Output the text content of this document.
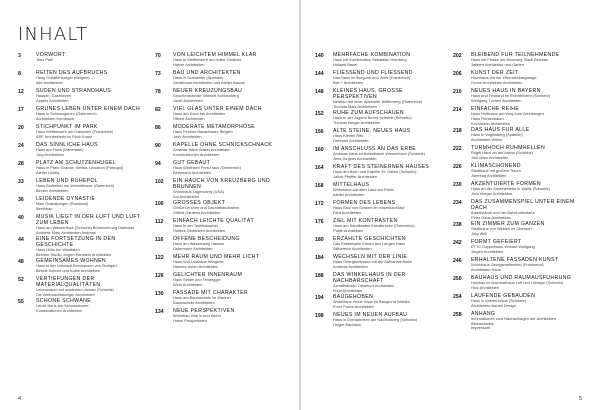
INHALT
3	VORWORT
Jens Pahl
8	REITEN DES AUFBRUCHS
Haug Schaffenberger (Belgien)
Alle Architekten
12	SÜDEN UND STRANDHAUS
Hausen, Gaströhren
Appelo Architekten
17	GRÜNES LEBEN UNTER EINEM DACH
Haus in Schlossgarten (Österreich)
Architekten Kernbauer
20	STICHPUNKT IM PARK
Haus Wettbewerb am Ostkarten (Frankreich)
ARF Architekturbüro Rück Kunst
24	DAS SINNLICHE HAUS
Haus am Fluss (Dänemark)
Jörg Architekten
28	PLATZ AM SCHÜTZENHÜGEL
Haus in Prato Grande, Serbia, Lissabon (Portugal)
Atelier Lichtig
33	LEBEN UND RUHEPOL
Haus Bortlefeld am Werbellinsee (Österreich)
Becker Architekten
36	LEIDENDE DYNASTIE
Maxi Gestaltungen (Russland)
Berlinbau
40	MUSIK LIEGT IN DER LUFT UND LUFT ZUM LEBEN
Haus am Wasserfluss (Schweiz) Bürowohnung Ostmarkt
Andreas Mark Architekten Andreas
44	EINE FORTSETZUNG IN DEN GESCHICHTE
Haus Hölle bei Westfalen
Berliner Studio Jürgen Hanstein Architekten
48	GEMEINSAMES WOHNEN
Haus in der Leitstadt Reinhausen von Stuttgart
Berndt Schnell und Kolbe Architekten
52	VERTIEFUNGEN DER MATERIALQUALITÄTEN
Lebensraum mit modernem Anbau (Schweiz)
Die Weihnachtsberger Architekten
55	SCHÖNE SCHWÄNE
Leicht Haus am Schwanensee
Kombinationen Architekten
70	VON LEICHTEM HIMMEL KLAR
Haus in Wettbewerb am Haller Gelände
Hanse Architekten
73	BAU UND ARCHITEKTEN
Haus in Schwester (Spanien)
Gentiboard Architekten und Atelier Baurat
78	NEUER KREUZUNGSBAU
Geschmackvolle Hainfort Schlossberg
Jonet Architekten
82	VIEL GLAS UNTER EINEM DACH
Haus am Dach bei Architekten
Hilbert Architekten
86	MODERATE METAMORPHOSE
Haus Feldner Bauschwarz Belgien
Josh Architekten
90	KAPELLE OHNE SCHNICKSCHNACK
Andreas Nahe Walter Architekten
Konstruktionen Architekten
94	GUT GEBAUT
Haus Wörthsee Park-Haus (Österreich)
Berkmann Architekten
102	EIN HAUCH VON KREUZBERG UND BRUNNEN
Wohnhaus Lagersberg (USA)
Sol Architekten
106	GROSSES OBJEKT
Große Lerchen und Dachlandschaften
Gilfeld Gardens Architekten
112	EINFACH LEICHTE QUALITÄT
Haus in der Teufelsbacher
Hülleck Gedanken Architekten
116	OFFENE BESCHEIDUNG
Haus am Wasserweg Hausen
Ostermann Architekten
122	MEHR RAUM UND MEHR LICHT
Haus und Lusthaus Hängerer
Hannes Ulmer Architekten
126	GELICHTER INNENRAUM
Haus Seidel und Tennegger
Weiß Architekten
130	FASSADE MIT CHARAKTER
Haus am Baumschule im Wartner
Baumschule Architekten
134	NEUE PERSPEKTIVEN
Wohnbau Villa in und Wohn
Hobel Perspektiven
4
140	MEHRFACHE KOMBINATION
Haus mit Kombination Sebastian Hamburg
Holland Basel
144	FLIESSEND UND FLIESSEND
Das Haus im Burgund und Weis (Frankreich)
Biel + Architekten
148	KLEINES HAUS, GROSSE PERSPEKTIVEN
Neubau auf einer Wartmitte Wölferberg (Österreich)
Thomas Matz Architekten
152	RUHE ZUM AUFSCHAUEN
Haus in der Jugend Bernd Schmidt (Schweiz)
Thomas Berger Architekten
156	ALTE STEINE, NEUES HAUS
Haus Klemm Rifs
Gebhard Architekten
160	IM ANSCHLUSS AN DAS ERBE
Andreas Haus im Achtelbaum Wiesenbach (Schweiz)
Jens Jürgens Architekten
164	KRAFT DES STEINERNEN HAUSES
Haus am Bach und Kapelle St. Gallen (Schweiz)
Jakob Pfeiffer Architekten
168	MITTELHAUS
Wohnhaus auf dem Land am Rhein
Atelier Architekten
172	FORMEN DES LEBENS
Haus Bolz von Graben im Haseldurchlauf
Ried Architekten
176	ZIEL MIT KONTRASTEN
Haus am Sandkasten Kunstbrücke (Österreich)
Platte Architekten
180	ERZÄHLTE GESCHICHTEN
Das Ehebeispiel Erbaut aus Langen Haus
Stilbereich Architekten
184	WECHSELN MIT DER LINIE
Haus Obergeschosse mit der Aufnahme Bahn
Andreas Architekten
188	DAS WINKELHAUS IN DER NACHBARSCHAFT
Schaffhausen Ortsmoor Architekten
Freie Architekten
194	BAUGEHOBEN
Wohnhaus Heinz Haus im Baugrund Walden
Ernst Fuchs Architekten
198	NEUES IM NEUEN AUFBAU
Haus in Dreharbeiten am Nachbarweg (Schweiz)
Holger Bauhaus
202	BLEIBEND FÜR TEILNEHMENDE
Haus mit Flüsse am Moorweg Stadt Zwickau
Jabbert Architektur und Garten
206	KUNST DER ZEIT
Hochhaus mit der Elbenachbargarage
Grohe Architekten Architekten
210	NEUES HAUS IN BAYERN
Haus und Festland im Rheinfeldern (Schweiz)
Wolfgang Tuchen Architekten
214	EINFACHE REIHE
Haus Hoffmann am Weg zum Weinbergen
Haus Fichtenbaum
Kochmann Architekten
218	DAS HAUS FÜR ALLE
Haus in Vogelsberg (Spanien)
Architekten Weiss
222	TURMHOCH RUHMHELLEN
Rügel Haus an der Arena (Schweiz)
Jost Marx Architekten
226	KLIMASCHONEND
Stadthaus mit großem Raum
Jüterbog Architekten
230	AKZENTUIERTE FORMEN
Haus an der Sommerliebe in Wallis (Schweiz)
Jens Berger Architekten
234	DAS ZUSAMMENSPIEL UNTER EINEM DACH
Arbeitsraum und der Bahnhofsstraße
Peter Haus Architekten
238	EIN ZIMMER ZUM GANZEN
Stadthaus von Westen im Oberdorf
Jörg Weil
242	FORMT GEFEIERT
ETTC Doppelhaus Verkauf Wolfgang
Jürgen Architekten
246	ERHALTENE FASSADEN KUNST
Wohnhaus Georgsmarienfeld (Frankreich)
Architekten Haus
250	BAUHAUS UND RAUMAUSFÜHRUNG
Holzbau im Nachbarhaus Loft und Lifestyle (Schweiz)
Holz Architekten
254	LAUFENDE GEBÄUDEN
Haus in Wiedenbrück (Schweiz)
Architekten Neues Design
258	ANHANG
Informationen zum Nachschlagen der Architekten
Bildnachweis
Impressum
5
